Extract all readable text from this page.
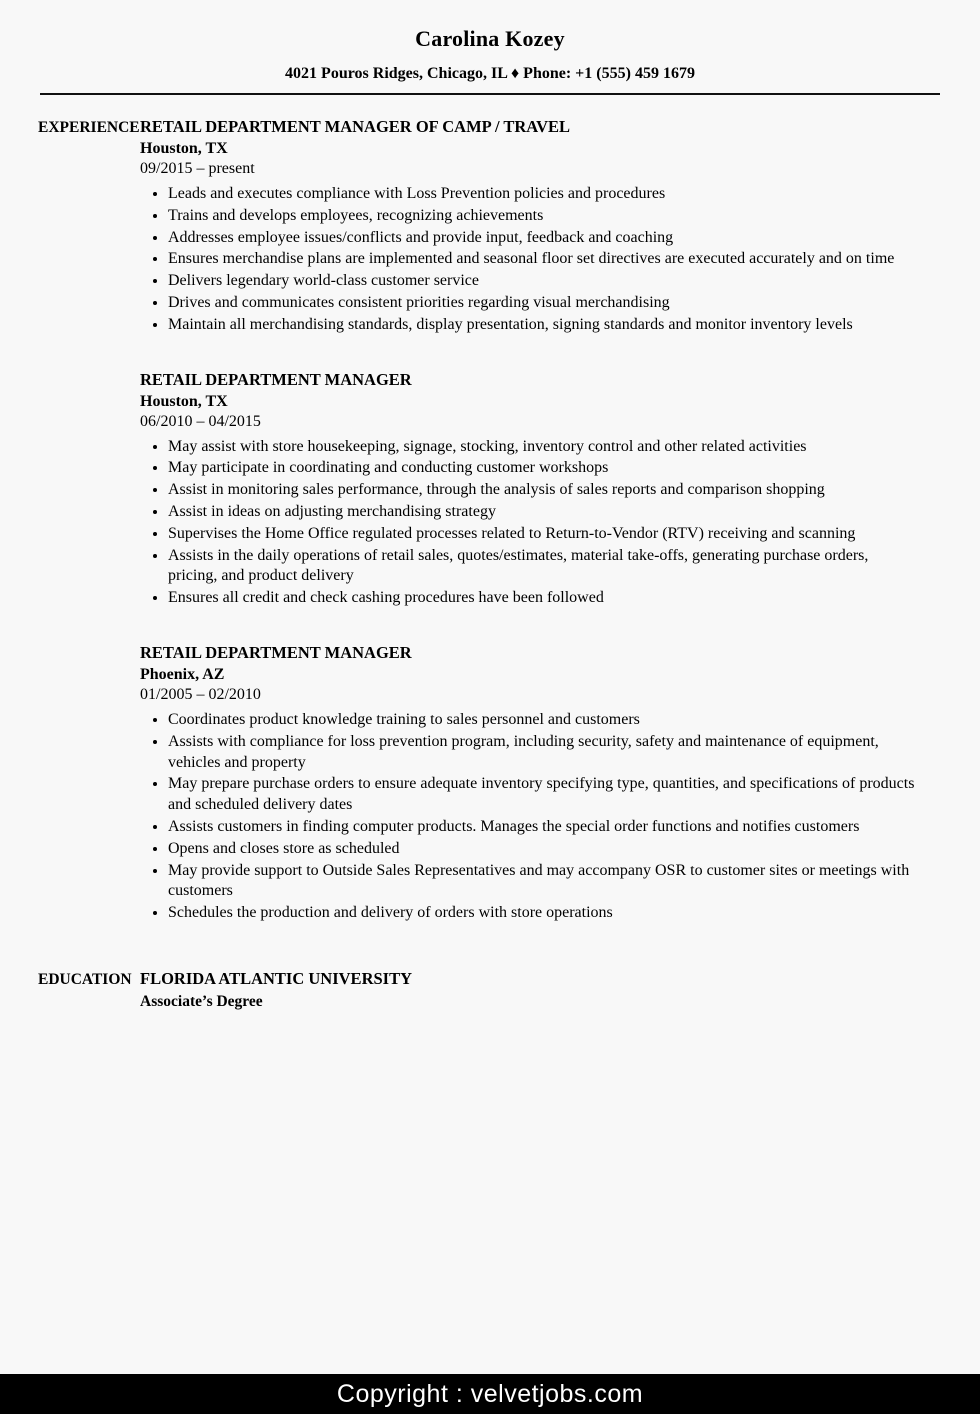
Carolina Kozey
4021 Pouros Ridges, Chicago, IL ♦ Phone: +1 (555) 459 1679
EXPERIENCE RETAIL DEPARTMENT MANAGER OF CAMP / TRAVEL
Houston, TX
09/2015 – present
• Leads and executes compliance with Loss Prevention policies and procedures
• Trains and develops employees, recognizing achievements
• Addresses employee issues/conflicts and provide input, feedback and coaching
• Ensures merchandise plans are implemented and seasonal floor set directives are executed accurately and on time
• Delivers legendary world-class customer service
• Drives and communicates consistent priorities regarding visual merchandising
• Maintain all merchandising standards, display presentation, signing standards and monitor inventory levels
RETAIL DEPARTMENT MANAGER
Houston, TX
06/2010 – 04/2015
• May assist with store housekeeping, signage, stocking, inventory control and other related activities
• May participate in coordinating and conducting customer workshops
• Assist in monitoring sales performance, through the analysis of sales reports and comparison shopping
• Assist in ideas on adjusting merchandising strategy
• Supervises the Home Office regulated processes related to Return-to-Vendor (RTV) receiving and scanning
• Assists in the daily operations of retail sales, quotes/estimates, material take-offs, generating purchase orders, pricing, and product delivery
• Ensures all credit and check cashing procedures have been followed
RETAIL DEPARTMENT MANAGER
Phoenix, AZ
01/2005 – 02/2010
• Coordinates product knowledge training to sales personnel and customers
• Assists with compliance for loss prevention program, including security, safety and maintenance of equipment, vehicles and property
• May prepare purchase orders to ensure adequate inventory specifying type, quantities, and specifications of products and scheduled delivery dates
• Assists customers in finding computer products. Manages the special order functions and notifies customers
• Opens and closes store as scheduled
• May provide support to Outside Sales Representatives and may accompany OSR to customer sites or meetings with customers
• Schedules the production and delivery of orders with store operations
EDUCATION FLORIDA ATLANTIC UNIVERSITY
Associate’s Degree
Copyright : velvetjobs.com
